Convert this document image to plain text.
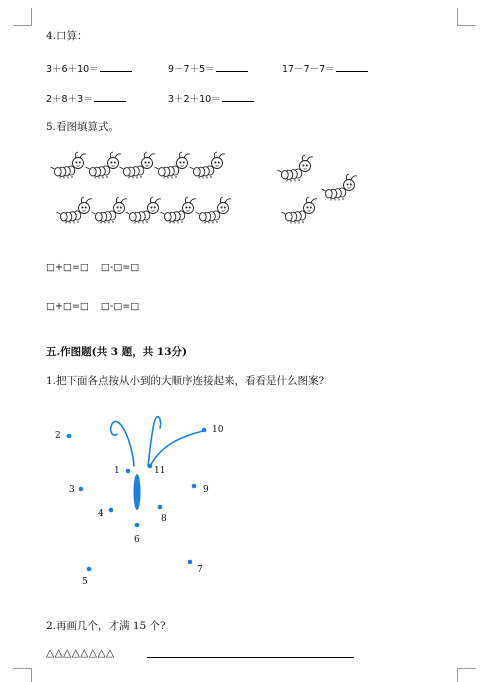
4.口算：
3＋6＋10＝	9－7＋5＝	17－7－7＝
2＋8＋3＝	3＋2＋10＝
5.看图填算式。
□+□=□    □-□=□
□+□=□    □-□=□
五.作图题(共 3 题，共 13分)
1.把下面各点按从小到的大顺序连接起来，看看是什么图案?
1
2
3
4
5
6
7
8
9
10
11
2.再画几个，才满 15 个?
△△△△△△△△
